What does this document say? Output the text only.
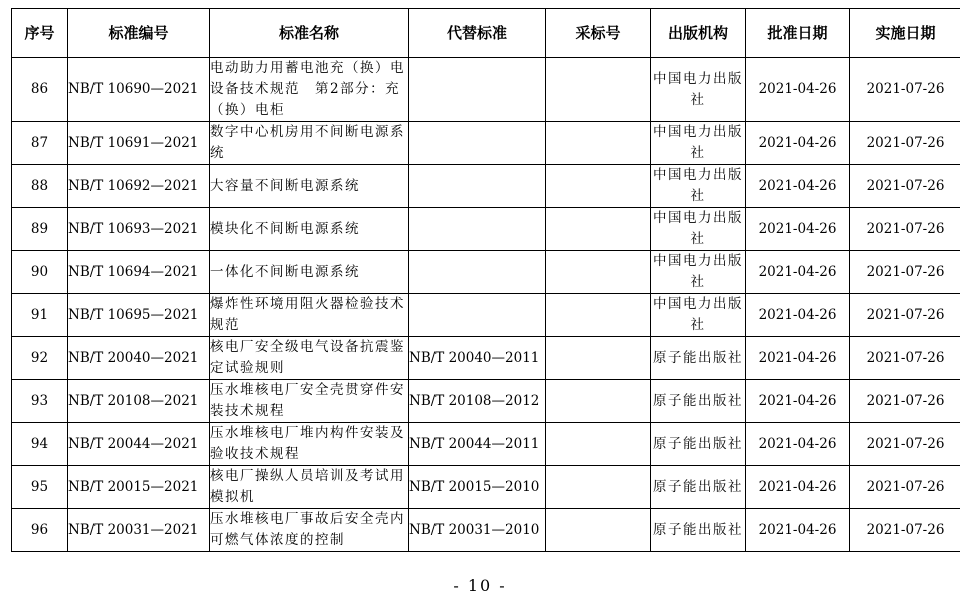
序号	标准编号	标准名称	代替标准	采标号	出版机构	批准日期	实施日期
86	NB/T 10690—2021	电动助力用蓄电池充（换）电设备技术规范　第2部分：充（换）电柜			中国电力出版社	2021-04-26	2021-07-26
87	NB/T 10691—2021	数字中心机房用不间断电源系统			中国电力出版社	2021-04-26	2021-07-26
88	NB/T 10692—2021	大容量不间断电源系统			中国电力出版社	2021-04-26	2021-07-26
89	NB/T 10693—2021	模块化不间断电源系统			中国电力出版社	2021-04-26	2021-07-26
90	NB/T 10694—2021	一体化不间断电源系统			中国电力出版社	2021-04-26	2021-07-26
91	NB/T 10695—2021	爆炸性环境用阻火器检验技术规范			中国电力出版社	2021-04-26	2021-07-26
92	NB/T 20040—2021	核电厂安全级电气设备抗震鉴定试验规则	NB/T 20040—2011		原子能出版社	2021-04-26	2021-07-26
93	NB/T 20108—2021	压水堆核电厂安全壳贯穿件安装技术规程	NB/T 20108—2012		原子能出版社	2021-04-26	2021-07-26
94	NB/T 20044—2021	压水堆核电厂堆内构件安装及验收技术规程	NB/T 20044—2011		原子能出版社	2021-04-26	2021-07-26
95	NB/T 20015—2021	核电厂操纵人员培训及考试用模拟机	NB/T 20015—2010		原子能出版社	2021-04-26	2021-07-26
96	NB/T 20031—2021	压水堆核电厂事故后安全壳内可燃气体浓度的控制	NB/T 20031—2010		原子能出版社	2021-04-26	2021-07-26
- 10 -
